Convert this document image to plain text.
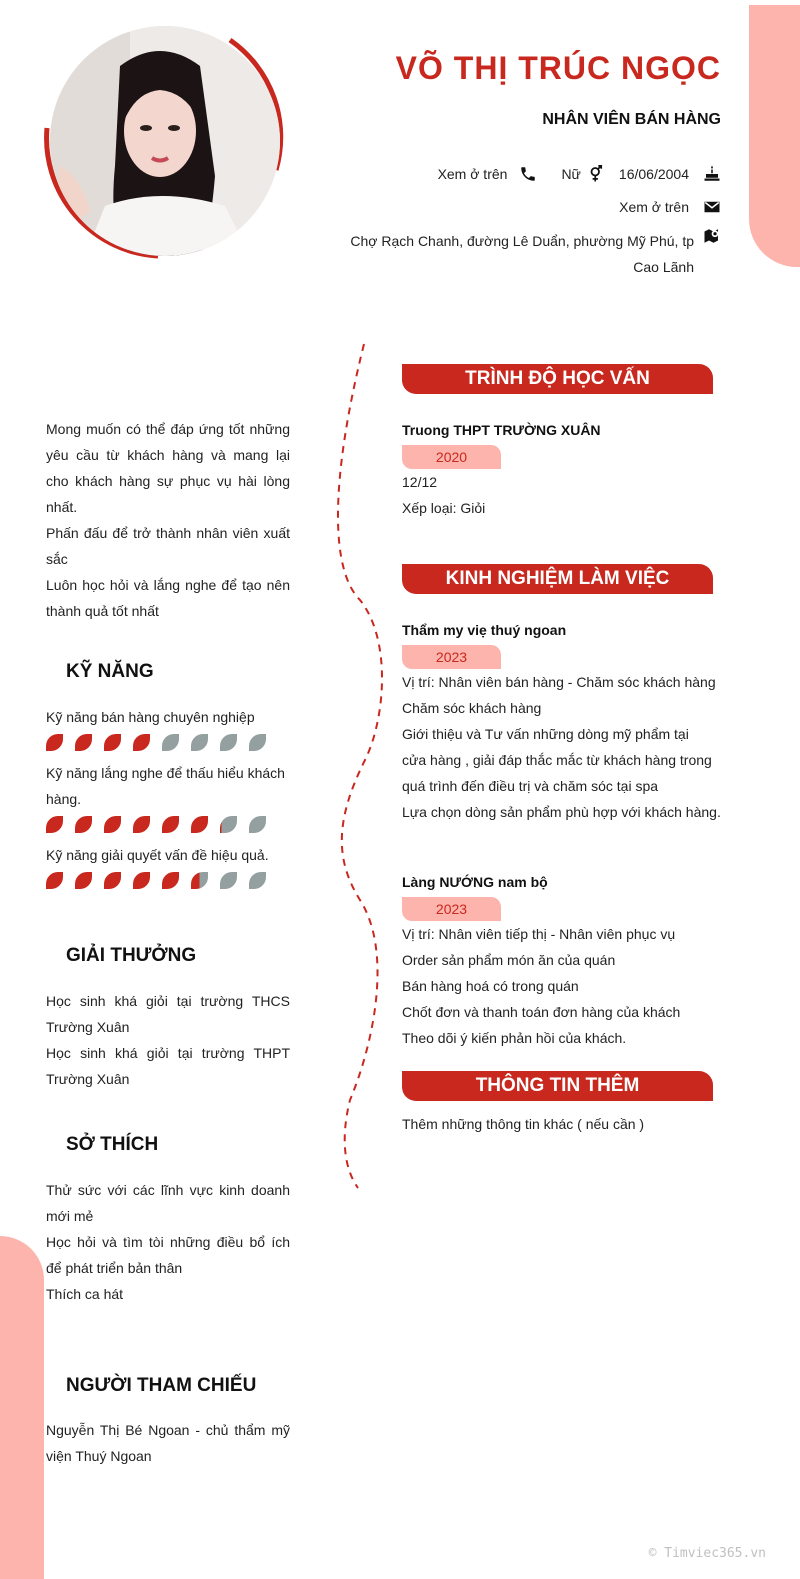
VÕ THỊ TRÚC NGỌC
NHÂN VIÊN BÁN HÀNG
Xem ở trên	Nữ	16/06/2004
Xem ở trên
Chợ Rạch Chanh, đường Lê Duẩn, phường Mỹ Phú, tp Cao Lãnh
Mong muốn có thể đáp ứng tốt những yêu cầu từ khách hàng và mang lại cho khách hàng sự phục vụ hài lòng nhất.
Phấn đấu để trở thành nhân viên xuất sắc
Luôn học hỏi và lắng nghe để tạo nên thành quả tốt nhất
KỸ NĂNG
Kỹ năng bán hàng chuyên nghiệp
Kỹ năng lắng nghe để thấu hiểu khách hàng.
Kỹ năng giải quyết vấn đề hiệu quả.
GIẢI THƯỞNG
Học sinh khá giỏi tại trường THCS Trường Xuân
Học sinh khá giỏi tại trường THPT Trường Xuân
SỞ THÍCH
Thử sức với các lĩnh vực kinh doanh mới mẻ
Học hỏi và tìm tòi những điều bổ ích để phát triển bản thân
Thích ca hát
NGƯỜI THAM CHIẾU
Nguyễn Thị Bé Ngoan - chủ thẩm mỹ viện Thuý Ngoan
TRÌNH ĐỘ HỌC VẤN
Truong THPT TRƯỜNG XUÂN
2020
12/12
Xếp loại: Giỏi
KINH NGHIỆM LÀM VIỆC
Thẩm my viẹ thuý ngoan
2023
Vị trí: Nhân viên bán hàng - Chăm sóc khách hàng
Chăm sóc khách hàng
Giới thiệu và Tư vấn những dòng mỹ phẩm tại cửa hàng , giải đáp thắc mắc từ khách hàng trong quá trình đến điều trị và chăm sóc tại spa
Lựa chọn dòng sản phẩm phù hợp với khách hàng.
Làng NƯỚNG nam bộ
2023
Vị trí: Nhân viên tiếp thị - Nhân viên phục vụ
Order sản phẩm món ăn của quán
Bán hàng hoá có trong quán
Chốt đơn và thanh toán đơn hàng của khách
Theo dõi ý kiến phản hồi của khách.
THÔNG TIN THÊM
Thêm những thông tin khác ( nếu cần )
© Timviec365.vn
